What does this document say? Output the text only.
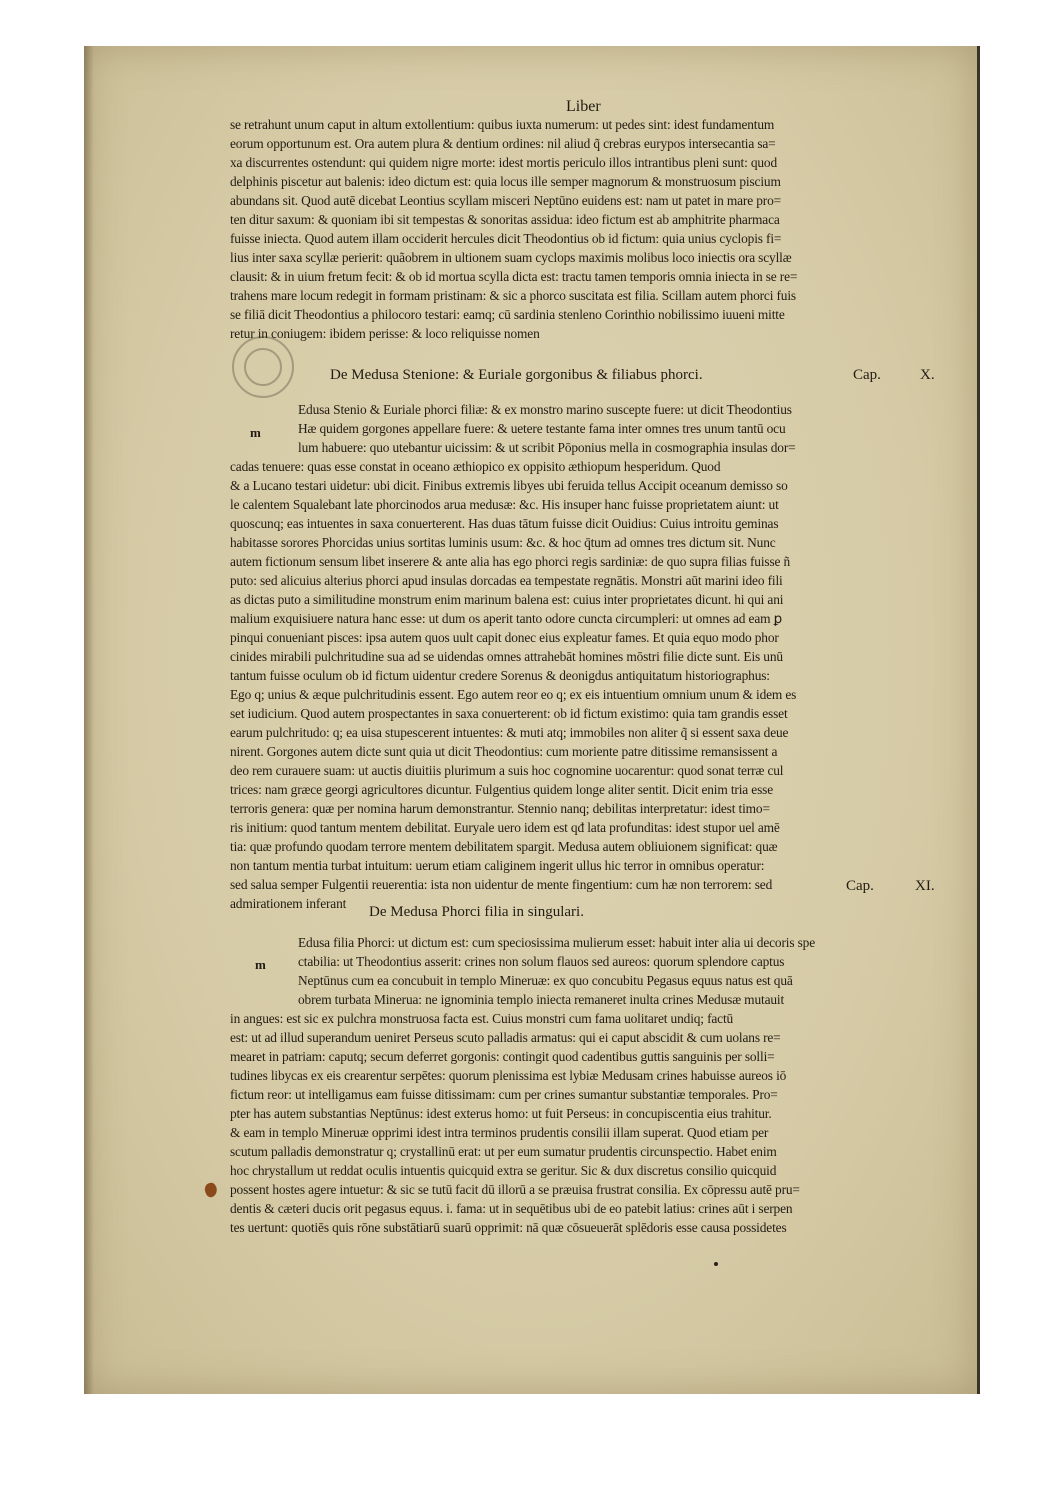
Liber
se retrahunt unum caput in altum extollentium: quibus iuxta numerum: ut pedes sint: idest fundamentum
eorum opportunum est. Ora autem plura & dentium ordines: nil aliud q̃ crebras eurypos intersecantia sa=
xa discurrentes ostendunt: qui quidem nigre morte: idest mortis periculo illos intrantibus pleni sunt: quod
delphinis piscetur aut balenis: ideo dictum est: quia locus ille semper magnorum & monstruosum piscium
abundans sit. Quod autē dicebat Leontius scyllam misceri Neptūno euidens est: nam ut patet in mare pro=
ten ditur saxum: & quoniam ibi sit tempestas & sonoritas assidua: ideo fictum est ab amphitrite pharmaca
fuisse iniecta. Quod autem illam occiderit hercules dicit Theodontius ob id fictum: quia unius cyclopis fi=
lius inter saxa scyllæ perierit: quãobrem in ultionem suam cyclops maximis molibus loco iniectis ora scyllæ
clausit: & in uium fretum fecit: & ob id mortua scylla dicta est: tractu tamen temporis omnia iniecta in se re=
trahens mare locum redegit in formam pristinam: & sic a phorco suscitata est filia. Scillam autem phorci fuis
se filiā dicit Theodontius a philocoro testari: eamq; cū sardinia stenleno Corinthio nobilissimo iuueni mitte
retur in coniugem: ibidem perisse: & loco reliquisse nomen
De Medusa Stenione: & Euriale gorgonibus & filiabus phorci.	Cap.	X.
m
Edusa Stenio & Euriale phorci filiæ: & ex monstro marino suscepte fuere: ut dicit Theodontius
Hæ quidem gorgones appellare fuere: & uetere testante fama inter omnes tres unum tantū ocu
lum habuere: quo utebantur uicissim: & ut scribit Pōponius mella in cosmographia insulas dor=
cadas tenuere: quas esse constat in oceano æthiopico ex oppisito æthiopum hesperidum. Quod
& a Lucano testari uidetur: ubi dicit. Finibus extremis libyes ubi feruida tellus Accipit oceanum demisso so
le calentem Squalebant late phorcinodos arua medusæ: &c. His insuper hanc fuisse proprietatem aiunt: ut
quoscunq; eas intuentes in saxa conuerterent. Has duas tātum fuisse dicit Ouidius: Cuius introitu geminas
habitasse sorores Phorcidas unius sortitas luminis usum: &c. & hoc q̄tum ad omnes tres dictum sit. Nunc
autem fictionum sensum libet inserere & ante alia has ego phorci regis sardiniæ: de quo supra filias fuisse ñ
puto: sed alicuius alterius phorci apud insulas dorcadas ea tempestate regnātis. Monstri aūt marini ideo fili
as dictas puto a similitudine monstrum enim marinum balena est: cuius inter proprietates dicunt. hi qui ani
malium exquisiuere natura hanc esse: ut dum os aperit tanto odore cuncta circumpleri: ut omnes ad eam ꝑ
pinqui conueniant pisces: ipsa autem quos uult capit donec eius expleatur fames. Et quia equo modo phor
cinides mirabili pulchritudine sua ad se uidendas omnes attrahebāt homines mōstri filie dicte sunt. Eis unū
tantum fuisse oculum ob id fictum uidentur credere Sorenus & deonigdus antiquitatum historiographus:
Ego q; unius & æque pulchritudinis essent. Ego autem reor eo q; ex eis intuentium omnium unum & idem es
set iudicium. Quod autem prospectantes in saxa conuerterent: ob id fictum existimo: quia tam grandis esset
earum pulchritudo: q; ea uisa stupescerent intuentes: & muti atq; immobiles non aliter q̃ si essent saxa deue
nirent. Gorgones autem dicte sunt quia ut dicit Theodontius: cum moriente patre ditissime remansissent a
deo rem curauere suam: ut auctis diuitiis plurimum a suis hoc cognomine uocarentur: quod sonat terræ cul
trices: nam græce georgi agricultores dicuntur. Fulgentius quidem longe aliter sentit. Dicit enim tria esse
terroris genera: quæ per nomina harum demonstrantur. Stennio nanq; debilitas interpretatur: idest timo=
ris initium: quod tantum mentem debilitat. Euryale uero idem est qđ lata profunditas: idest stupor uel amē
tia: quæ profundo quodam terrore mentem debilitatem spargit. Medusa autem obliuionem significat: quæ
non tantum mentia turbat intuitum: uerum etiam caliginem ingerit ullus hic terror in omnibus operatur:
sed salua semper Fulgentii reuerentia: ista non uidentur de mente fingentium: cum hæ non terrorem: sed
admirationem inferant
Cap.	XI.
De Medusa Phorci filia in singulari.
m
Edusa filia Phorci: ut dictum est: cum speciosissima mulierum esset: habuit inter alia ui decoris spe
ctabilia: ut Theodontius asserit: crines non solum flauos sed aureos: quorum splendore captus
Neptūnus cum ea concubuit in templo Mineruæ: ex quo concubitu Pegasus equus natus est quā
obrem turbata Minerua: ne ignominia templo iniecta remaneret inulta crines Medusæ mutauit
in angues: est sic ex pulchra monstruosa facta est. Cuius monstri cum fama uolitaret undiq; factū
est: ut ad illud superandum ueniret Perseus scuto palladis armatus: qui ei caput abscidit & cum uolans re=
mearet in patriam: caputq; secum deferret gorgonis: contingit quod cadentibus guttis sanguinis per solli=
tudines libycas ex eis crearentur serpētes: quorum plenissima est lybiæ Medusam crines habuisse aureos iō
fictum reor: ut intelligamus eam fuisse ditissimam: cum per crines sumantur substantiæ temporales. Pro=
pter has autem substantias Neptūnus: idest exterus homo: ut fuit Perseus: in concupiscentia eius trahitur.
& eam in templo Mineruæ opprimi idest intra terminos prudentis consilii illam superat. Quod etiam per
scutum palladis demonstratur q; crystallinū erat: ut per eum sumatur prudentis circunspectio. Habet enim
hoc chrystallum ut reddat oculis intuentis quicquid extra se geritur. Sic & dux discretus consilio quicquid
possent hostes agere intuetur: & sic se tutū facit dū illorū a se præuisa frustrat consilia. Ex cōpressu autē pru=
dentis & cæteri ducis orit pegasus equus. i. fama: ut in sequētibus ubi de eo patebit latius: crines aūt i serpen
tes uertunt: quotiēs quis rōne substātiarū suarū opprimit: nā quæ cōsueuerāt splēdoris esse causa possidetes
